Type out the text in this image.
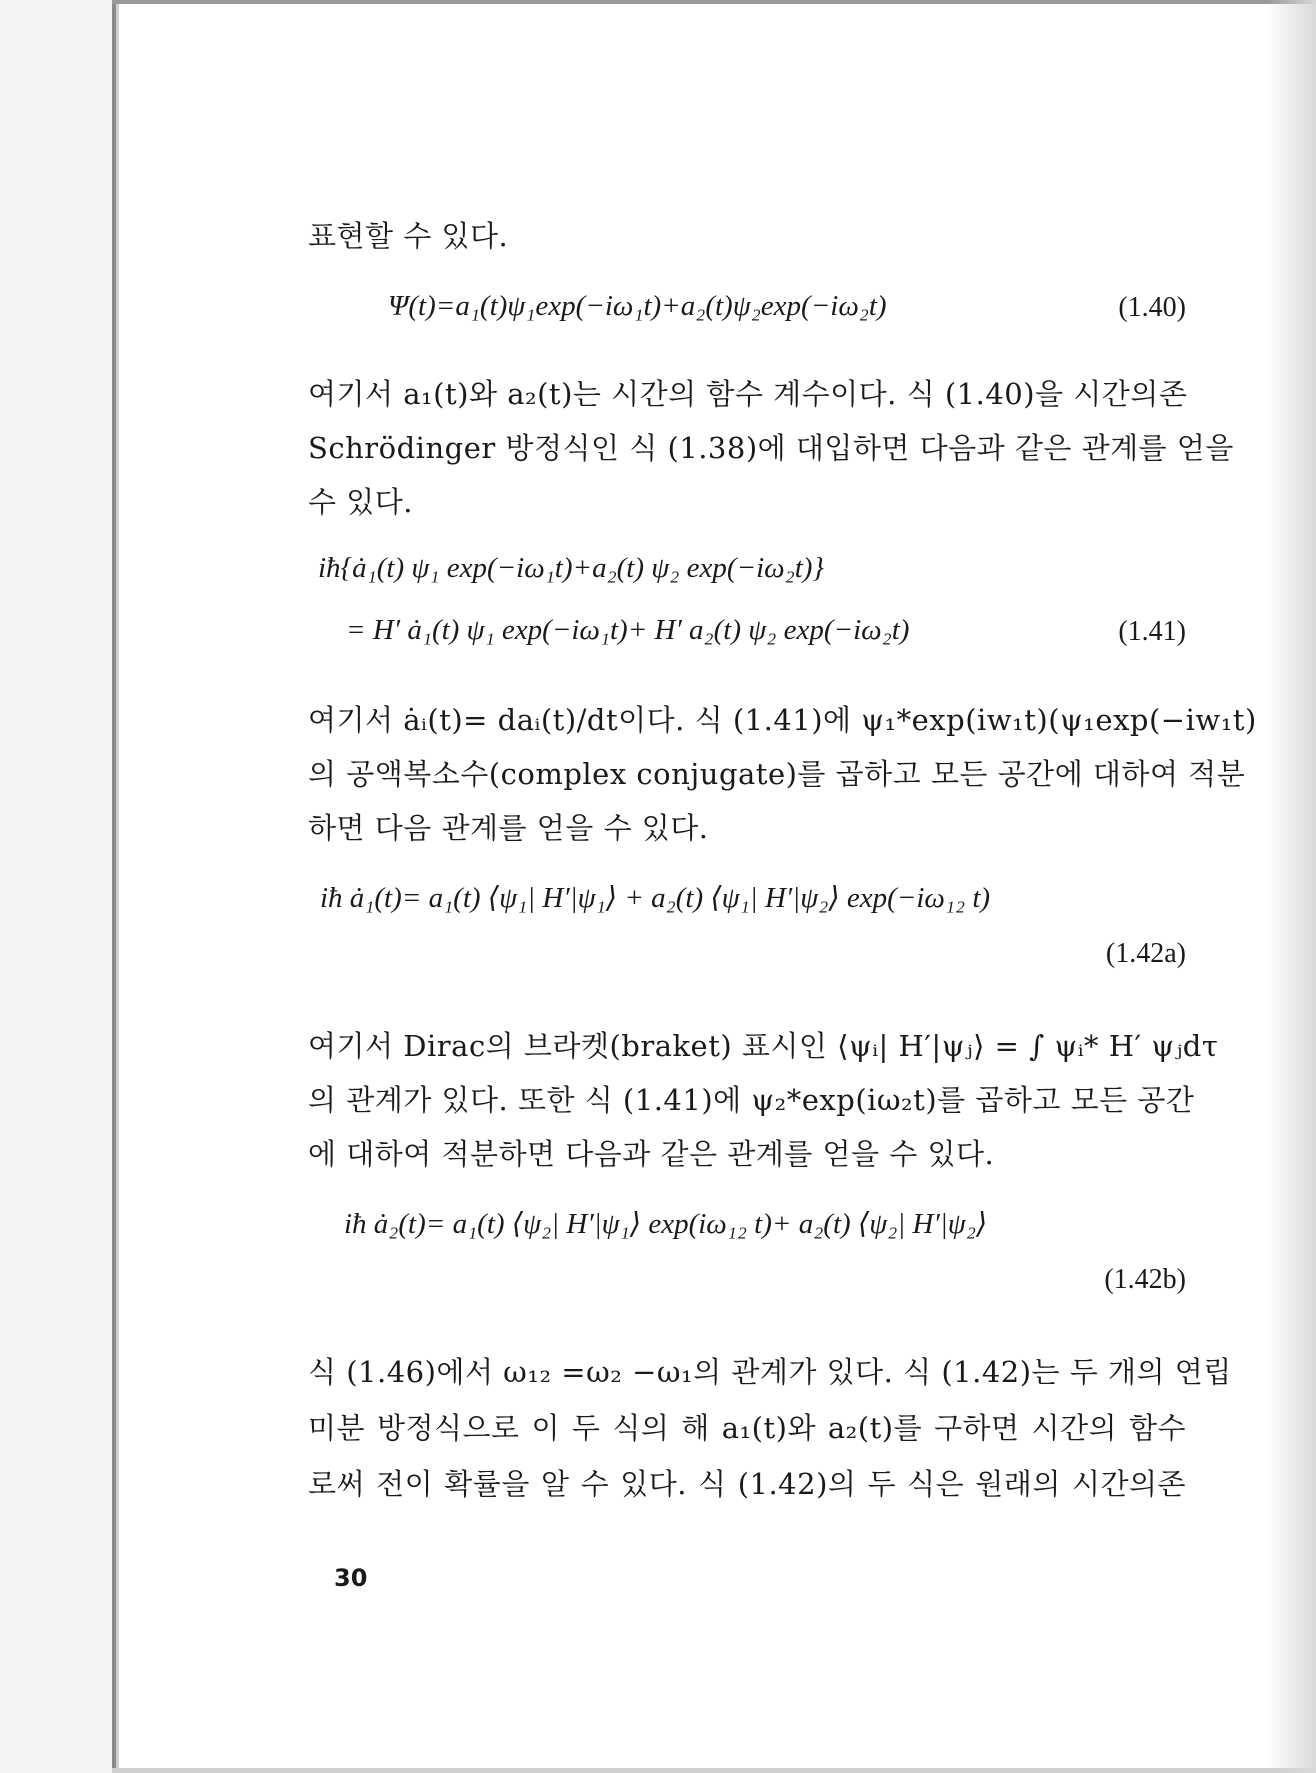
표현할 수 있다.
Ψ(t)=a₁(t)ψ₁exp(−iω₁t)+a₂(t)ψ₂exp(−iω₂t)	(1.40)
여기서 a₁(t)와 a₂(t)는 시간의 함수 계수이다. 식 (1.40)을 시간의존
Schrödinger 방정식인 식 (1.38)에 대입하면 다음과 같은 관계를 얻을
수 있다.
iħ{ȧ₁(t) ψ₁ exp(−iω₁t)+a₂(t) ψ₂ exp(−iω₂t)}
= H′ ȧ₁(t) ψ₁ exp(−iω₁t)+ H′ a₂(t) ψ₂ exp(−iω₂t)	(1.41)
여기서 ȧᵢ(t)= daᵢ(t)/dt이다. 식 (1.41)에 ψ₁*exp(iw₁t)(ψ₁exp(−iw₁t)
의 공액복소수(complex conjugate)를 곱하고 모든 공간에 대하여 적분
하면 다음 관계를 얻을 수 있다.
iħ ȧ₁(t)= a₁(t) ⟨ψ₁| H′|ψ₁⟩ + a₂(t) ⟨ψ₁| H′|ψ₂⟩ exp(−iω₁₂ t)
(1.42a)
여기서 Dirac의 브라켓(braket) 표시인 ⟨ψᵢ| H′|ψⱼ⟩ = ∫ ψᵢ* H′ ψⱼdτ
의 관계가 있다. 또한 식 (1.41)에 ψ₂*exp(iω₂t)를 곱하고 모든 공간
에 대하여 적분하면 다음과 같은 관계를 얻을 수 있다.
iħ ȧ₂(t)= a₁(t) ⟨ψ₂| H′|ψ₁⟩ exp(iω₁₂ t)+ a₂(t) ⟨ψ₂| H′|ψ₂⟩
(1.42b)
식 (1.46)에서 ω₁₂ =ω₂ −ω₁의 관계가 있다. 식 (1.42)는 두 개의 연립
미분 방정식으로 이 두 식의 해 a₁(t)와 a₂(t)를 구하면 시간의 함수
로써 전이 확률을 알 수 있다. 식 (1.42)의 두 식은 원래의 시간의존
30
